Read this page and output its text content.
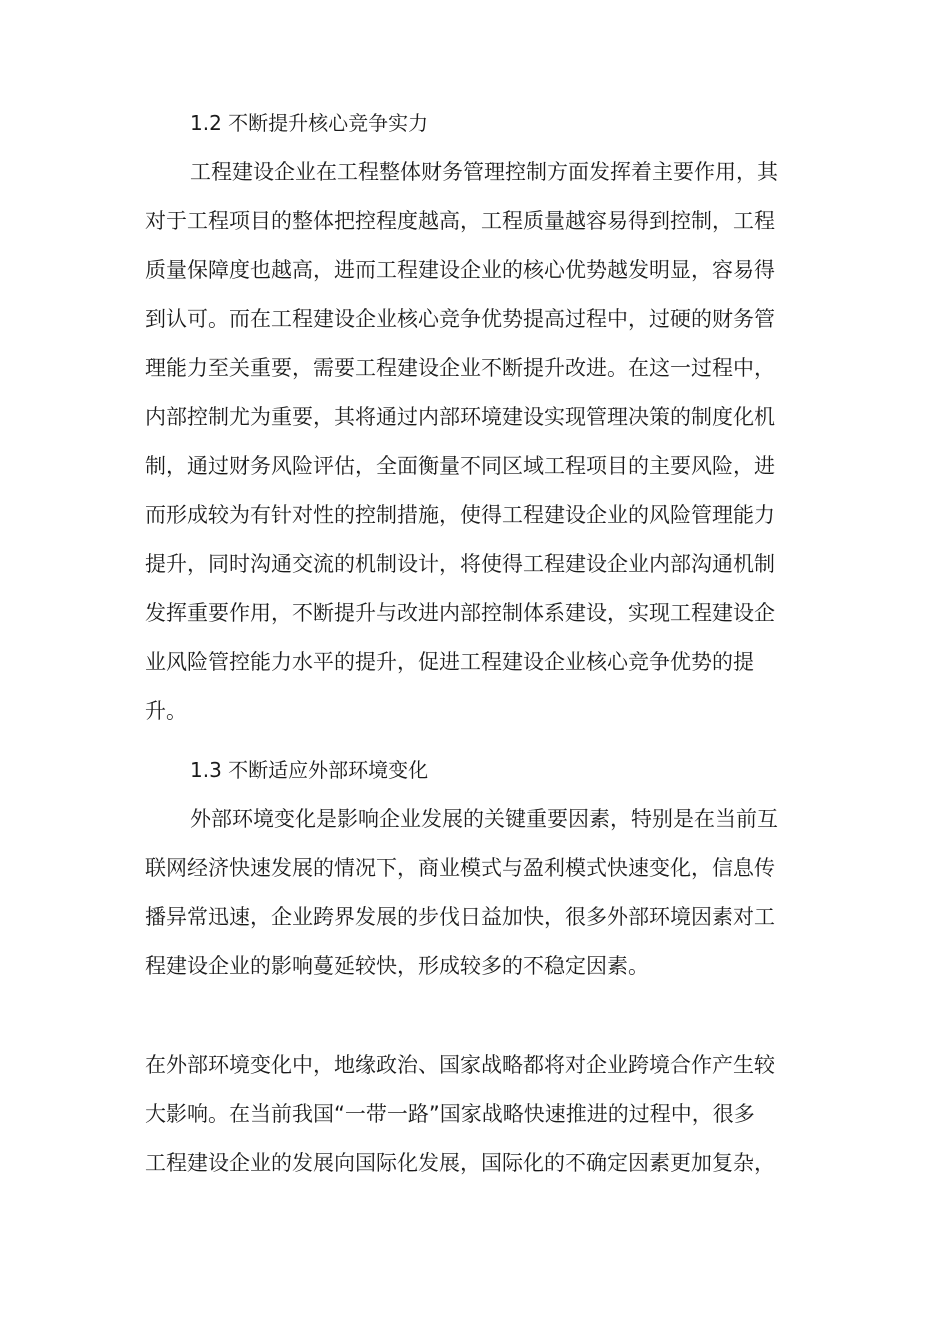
1.2 不断提升核心竞争实力

工程建设企业在工程整体财务管理控制方面发挥着主要作用，其

对于工程项目的整体把控程度越高，工程质量越容易得到控制，工程

质量保障度也越高，进而工程建设企业的核心优势越发明显，容易得

到认可。而在工程建设企业核心竞争优势提高过程中，过硬的财务管

理能力至关重要，需要工程建设企业不断提升改进。在这一过程中，

内部控制尤为重要，其将通过内部环境建设实现管理决策的制度化机

制，通过财务风险评估，全面衡量不同区域工程项目的主要风险，进

而形成较为有针对性的控制措施，使得工程建设企业的风险管理能力

提升，同时沟通交流的机制设计，将使得工程建设企业内部沟通机制

发挥重要作用，不断提升与改进内部控制体系建设，实现工程建设企

业风险管控能力水平的提升，促进工程建设企业核心竞争优势的提

升。

1.3 不断适应外部环境变化

外部环境变化是影响企业发展的关键重要因素，特别是在当前互

联网经济快速发展的情况下，商业模式与盈利模式快速变化，信息传

播异常迅速，企业跨界发展的步伐日益加快，很多外部环境因素对工

程建设企业的影响蔓延较快，形成较多的不稳定因素。

在外部环境变化中，地缘政治、国家战略都将对企业跨境合作产生较

大影响。在当前我国“一带一路”国家战略快速推进的过程中，很多

工程建设企业的发展向国际化发展，国际化的不确定因素更加复杂，
